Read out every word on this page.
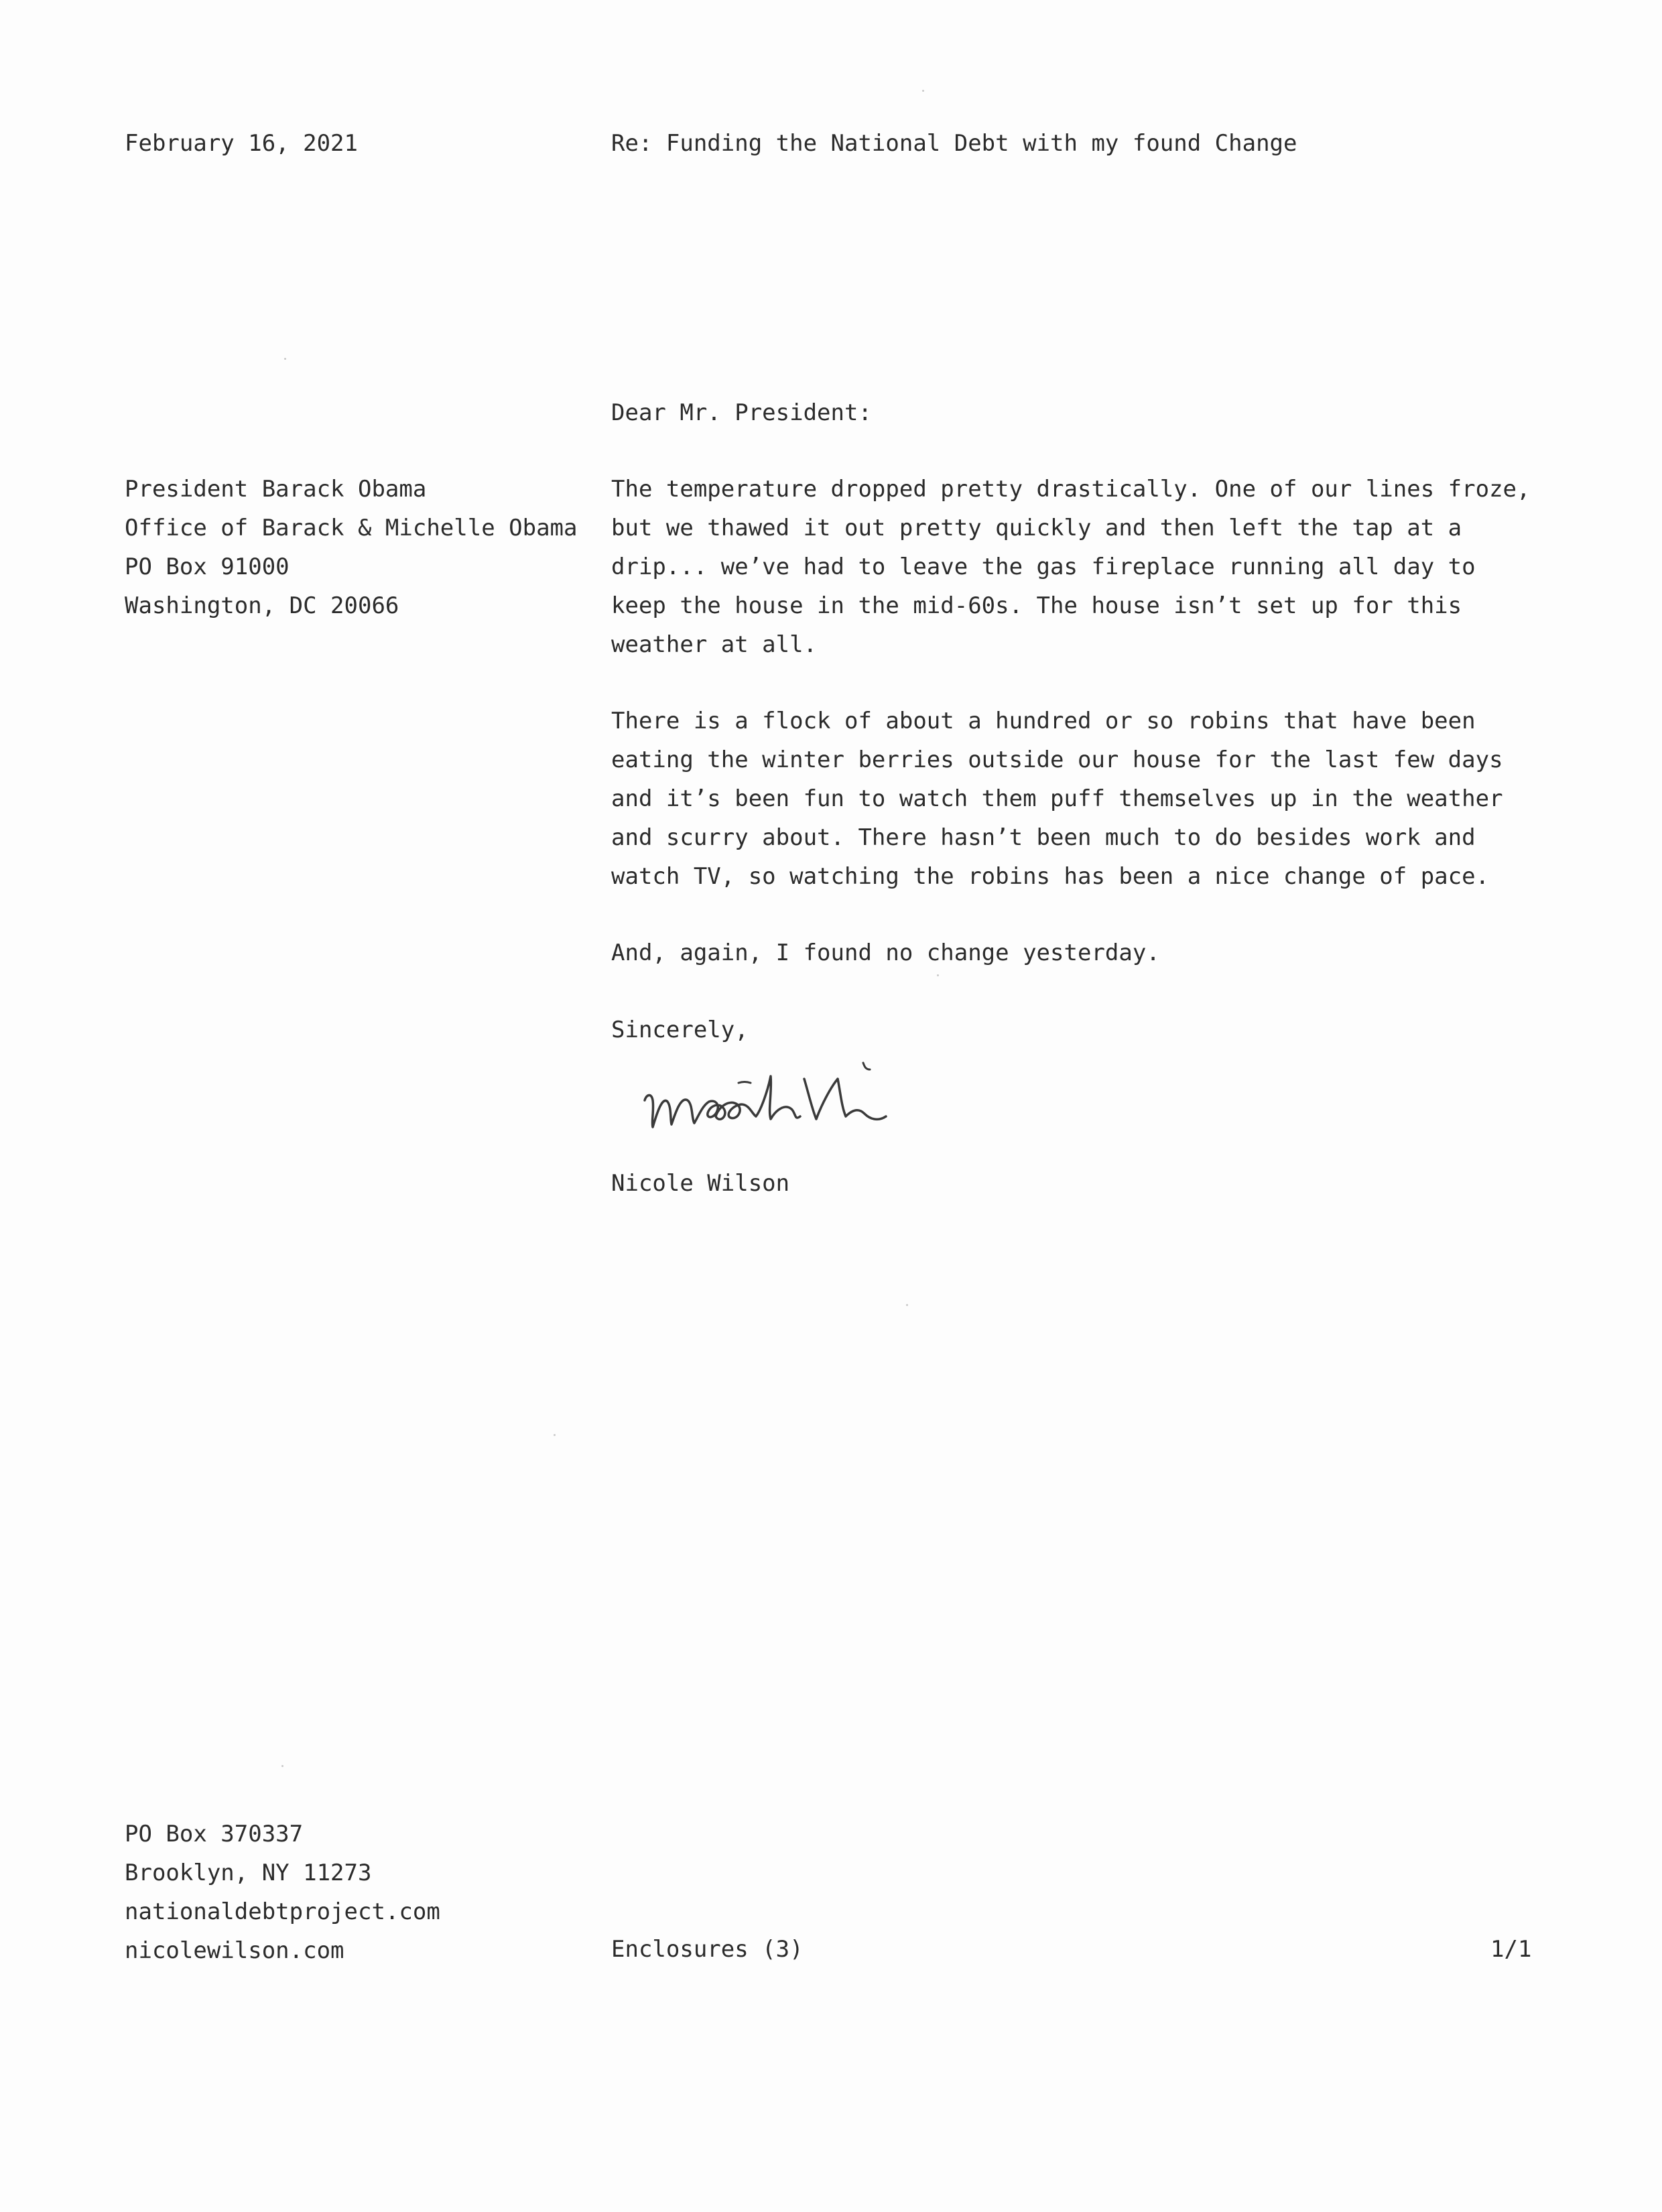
February 16, 2021	Re: Funding the National Debt with my found Change

Dear Mr. President:

President Barack Obama
Office of Barack & Michelle Obama
PO Box 91000
Washington, DC 20066
The temperature dropped pretty drastically. One of our lines froze,
but we thawed it out pretty quickly and then left the tap at a
drip... we’ve had to leave the gas fireplace running all day to
keep the house in the mid-60s. The house isn’t set up for this
weather at all.
There is a flock of about a hundred or so robins that have been
eating the winter berries outside our house for the last few days
and it’s been fun to watch them puff themselves up in the weather
and scurry about. There hasn’t been much to do besides work and
watch TV, so watching the robins has been a nice change of pace.
And, again, I found no change yesterday.

Sincerely,

Nicole Wilson

PO Box 370337
Brooklyn, NY 11273
nationaldebtproject.com
nicolewilson.com	Enclosures (3)	1/1
